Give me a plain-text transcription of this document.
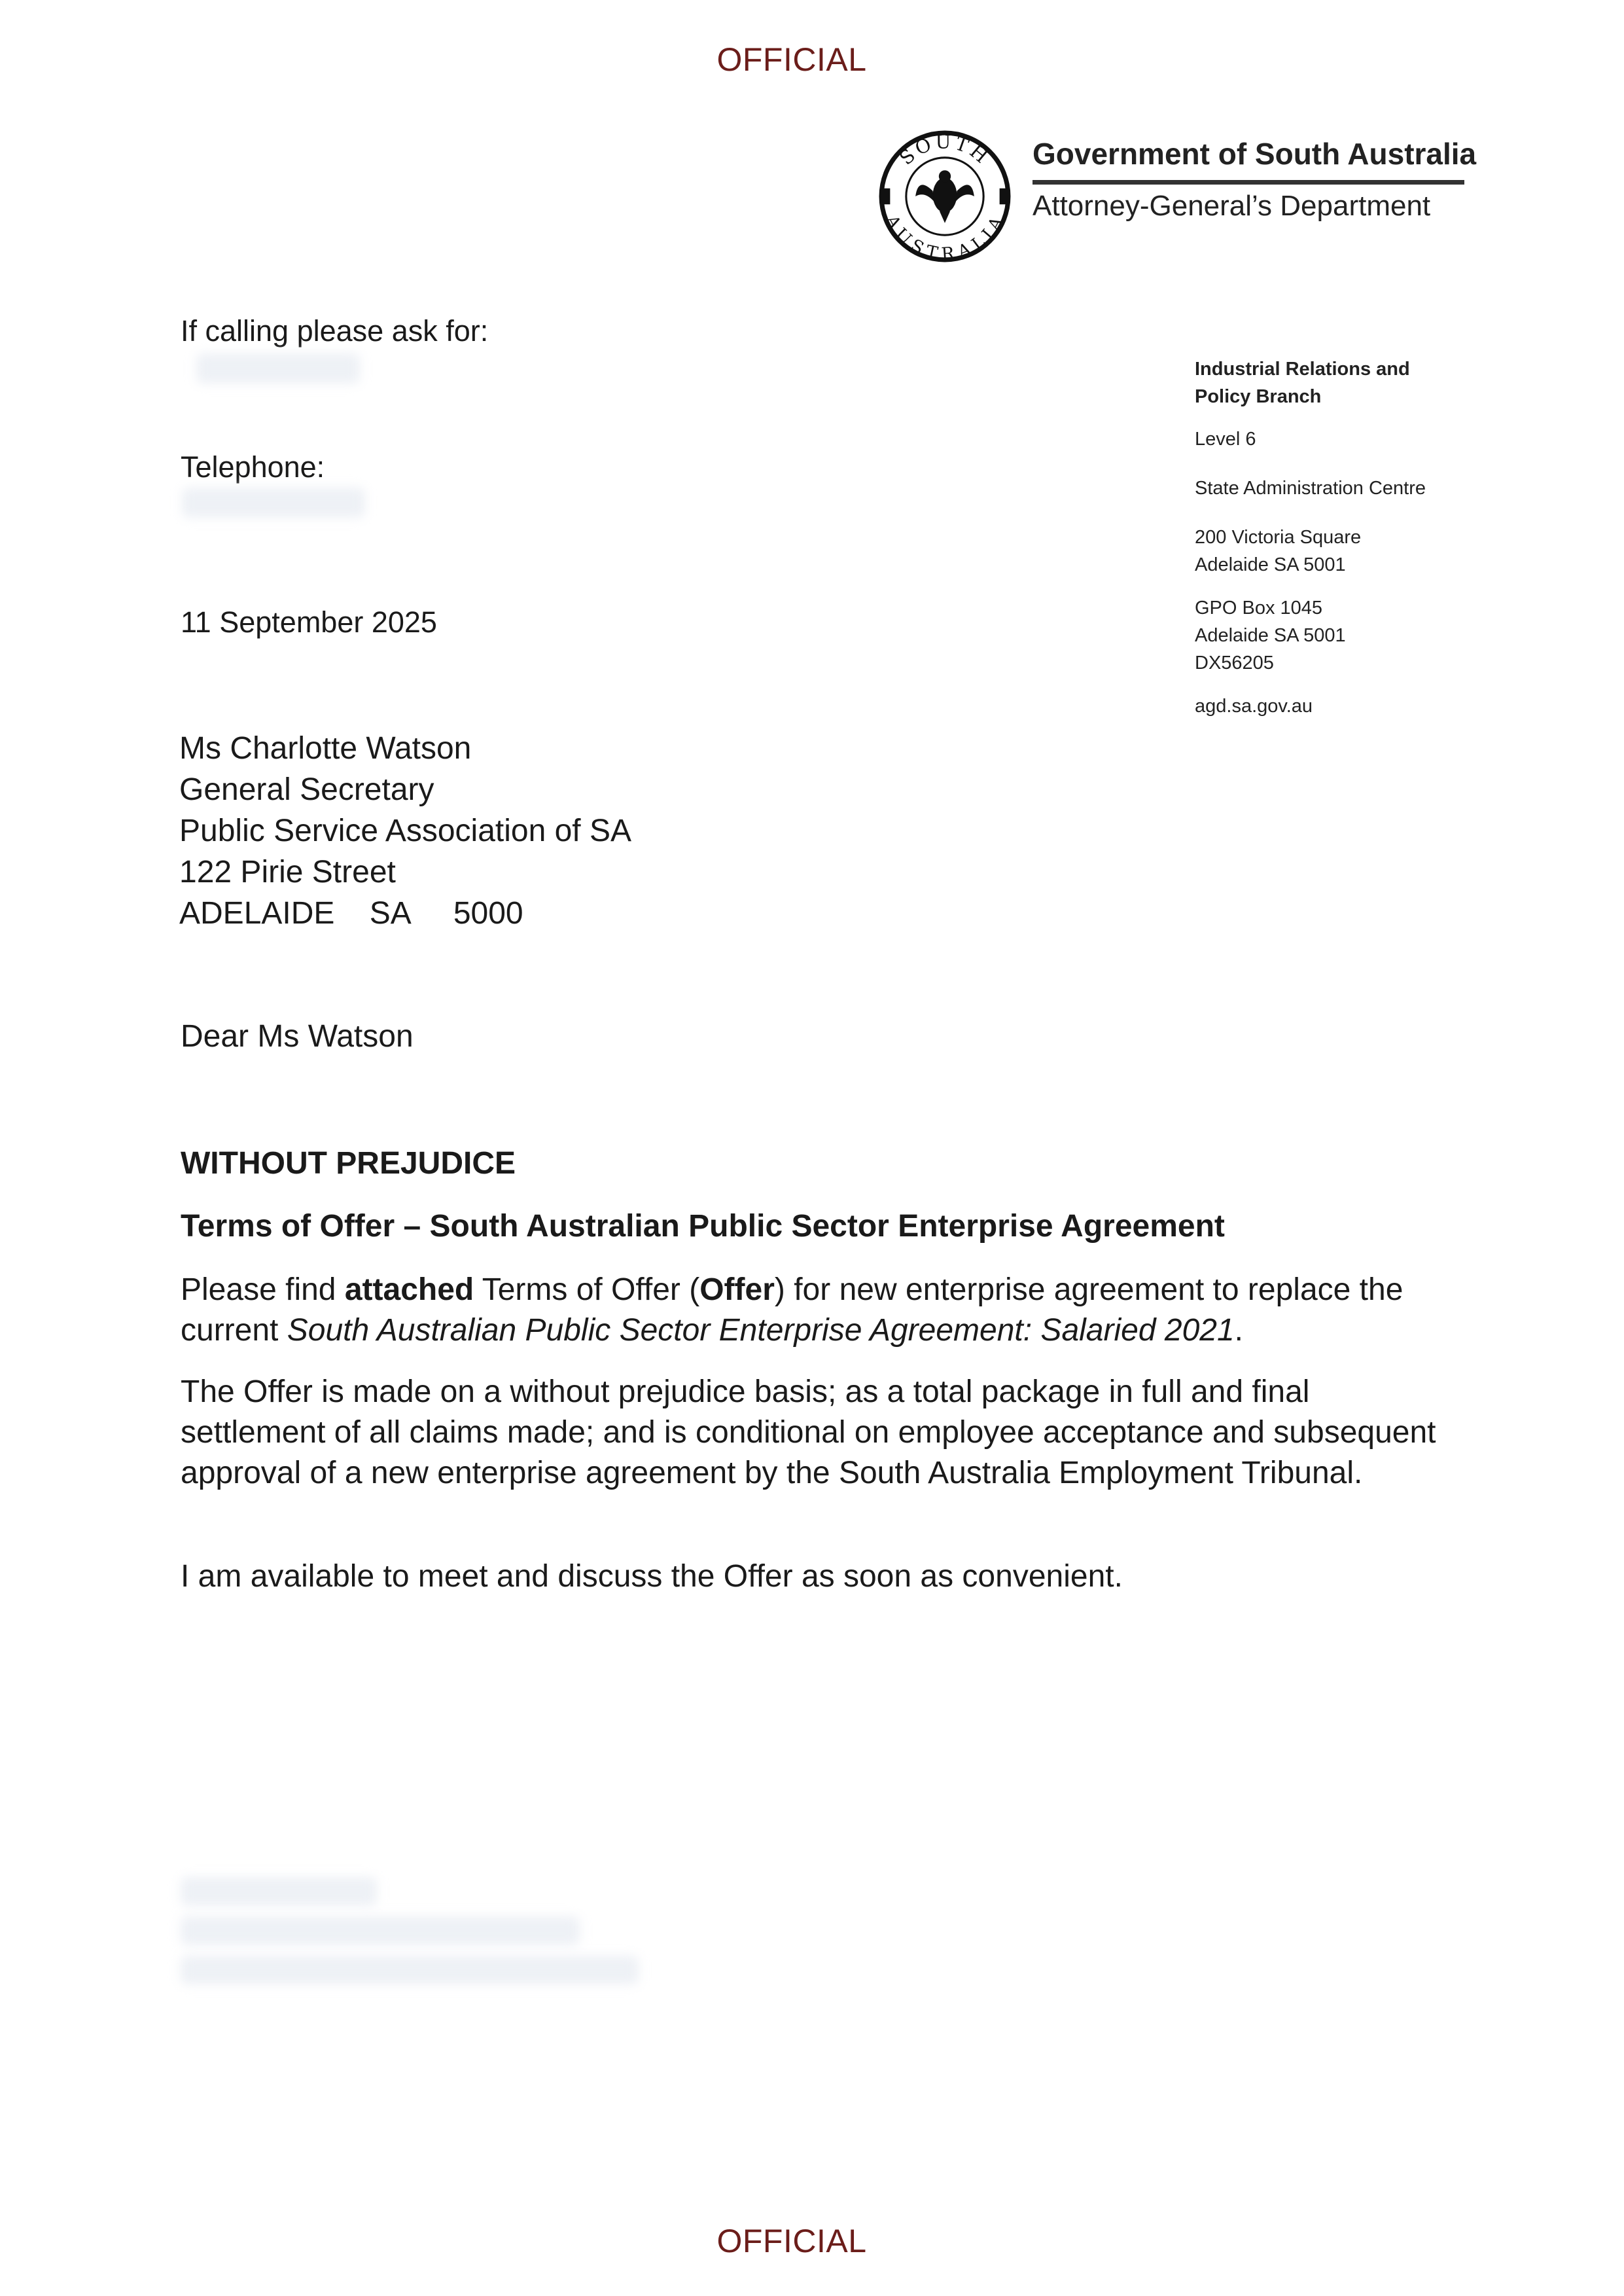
OFFICIAL
SOUTH
AUSTRALIA
Government of South Australia
Attorney-General’s Department
If calling please ask for:
Telephone:
11 September 2025
Industrial Relations and
Policy Branch
Level 6
State Administration Centre
200 Victoria Square
Adelaide SA 5001
GPO Box 1045
Adelaide SA 5001
DX56205
agd.sa.gov.au
Ms Charlotte Watson
General Secretary
Public Service Association of SA
122 Pirie Street
ADELAIDE SA 5000
Dear Ms Watson
WITHOUT PREJUDICE
Terms of Offer – South Australian Public Sector Enterprise Agreement
Please find attached Terms of Offer (Offer) for new enterprise agreement to replace the current South Australian Public Sector Enterprise Agreement: Salaried 2021.
The Offer is made on a without prejudice basis; as a total package in full and final settlement of all claims made; and is conditional on employee acceptance and subsequent approval of a new enterprise agreement by the South Australia Employment Tribunal.
I am available to meet and discuss the Offer as soon as convenient.
OFFICIAL
